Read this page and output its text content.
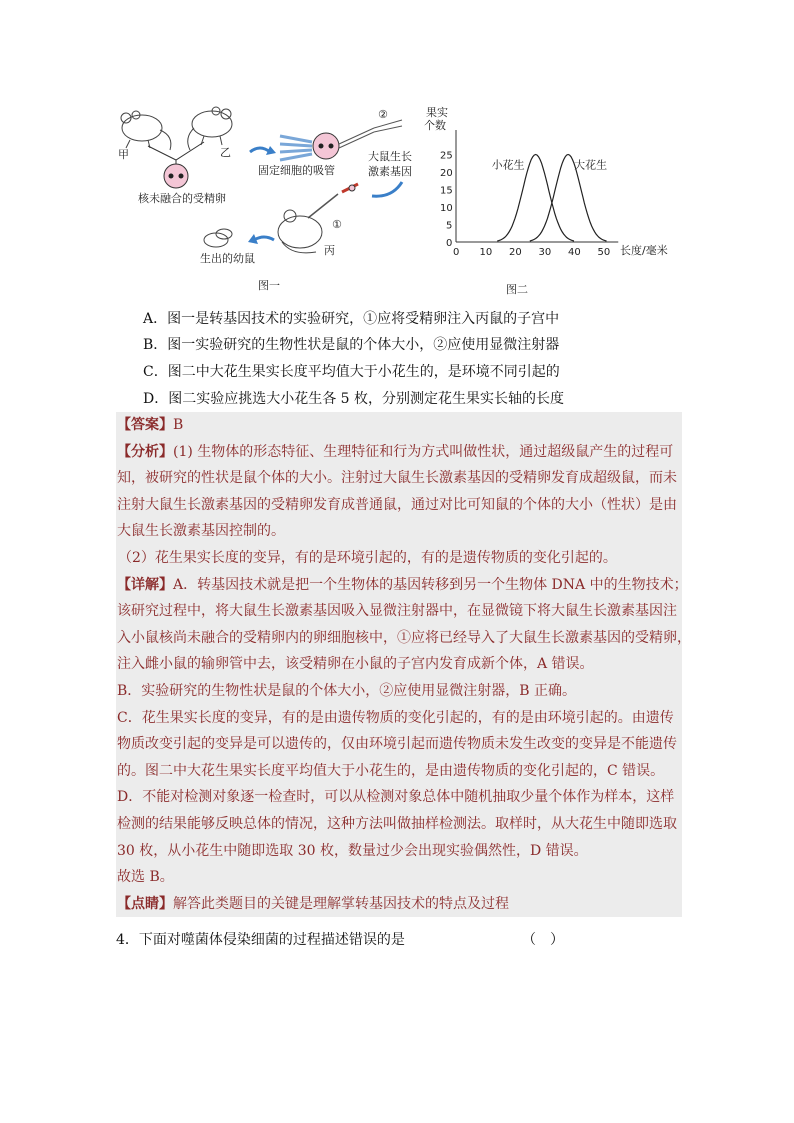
甲	乙
核未融合的受精卵
②
大鼠生长
激素基因
固定细胞的吸管
①
丙
生出的幼鼠
图一
果实个数
0 10 20 30 40 50
0
5
10
15
20
25
小花生	大花生
长度/毫米
图二
A．图一是转基因技术的实验研究，①应将受精卵注入丙鼠的子宫中
B．图一实验研究的生物性状是鼠的个体大小，②应使用显微注射器
C．图二中大花生果实长度平均值大于小花生的，是环境不同引起的
D．图二实验应挑选大小花生各 5 枚，分别测定花生果实长轴的长度
【答案】B
【分析】(1) 生物体的形态特征、生理特征和行为方式叫做性状，通过超级鼠产生的过程可
知，被研究的性状是鼠个体的大小。注射过大鼠生长激素基因的受精卵发育成超级鼠，而未
注射大鼠生长激素基因的受精卵发育成普通鼠，通过对比可知鼠的个体的大小（性状）是由
大鼠生长激素基因控制的。
（2）花生果实长度的变异，有的是环境引起的，有的是遗传物质的变化引起的。
【详解】A．转基因技术就是把一个生物体的基因转移到另一个生物体 DNA 中的生物技术；
该研究过程中，将大鼠生长激素基因吸入显微注射器中，在显微镜下将大鼠生长激素基因注
入小鼠核尚未融合的受精卵内的卵细胞核中，①应将已经导入了大鼠生长激素基因的受精卵，
注入雌小鼠的输卵管中去，该受精卵在小鼠的子宫内发育成新个体，A 错误。
B．实验研究的生物性状是鼠的个体大小，②应使用显微注射器，B 正确。
C．花生果实长度的变异，有的是由遗传物质的变化引起的，有的是由环境引起的。由遗传
物质改变引起的变异是可以遗传的，仅由环境引起而遗传物质未发生改变的变异是不能遗传
的。图二中大花生果实长度平均值大于小花生的，是由遗传物质的变化引起的，C 错误。
D．不能对检测对象逐一检查时，可以从检测对象总体中随机抽取少量个体作为样本，这样
检测的结果能够反映总体的情况，这种方法叫做抽样检测法。取样时，从大花生中随即选取
30 枚，从小花生中随即选取 30 枚，数量过少会出现实验偶然性，D 错误。
故选 B。
【点睛】解答此类题目的关键是理解掌转基因技术的特点及过程
4．下面对噬菌体侵染细菌的过程描述错误的是	（　）
